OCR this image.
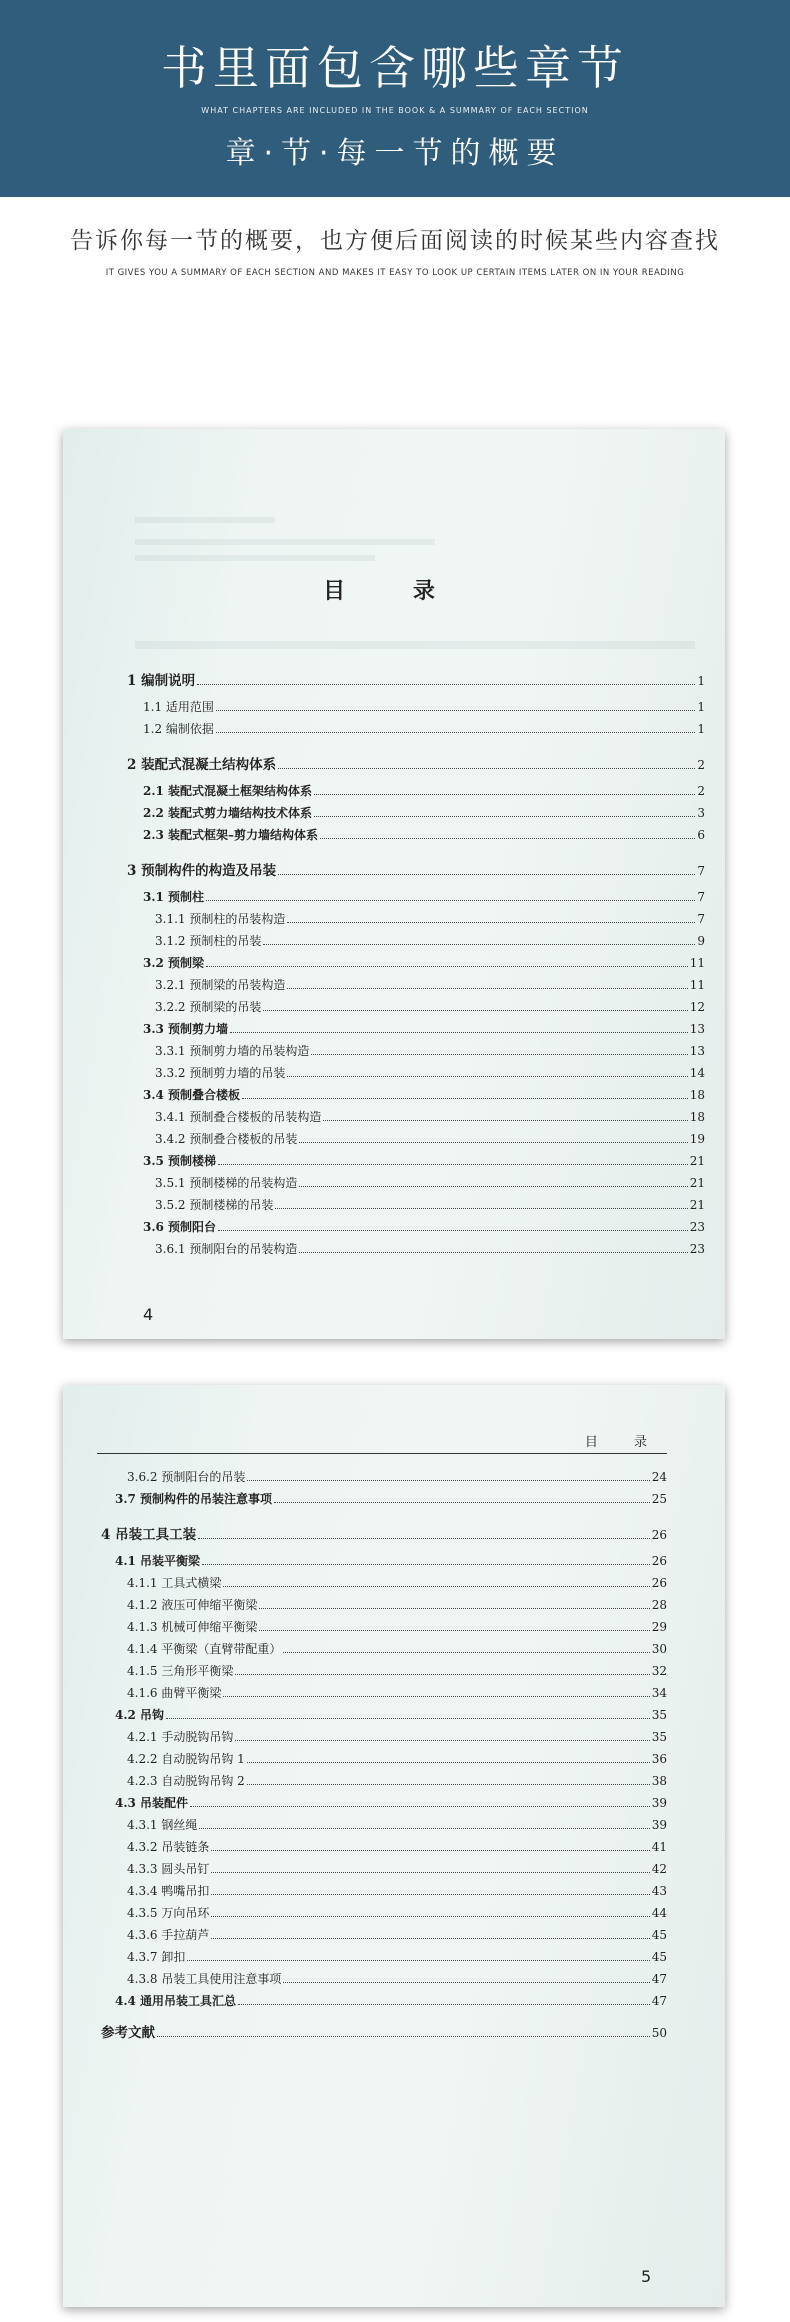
书里面包含哪些章节
WHAT CHAPTERS ARE INCLUDED IN THE BOOK & A SUMMARY OF EACH SECTION
章·节·每一节的概要
告诉你每一节的概要，也方便后面阅读的时候某些内容查找
IT GIVES YOU A SUMMARY OF EACH SECTION AND MAKES IT EASY TO LOOK UP CERTAIN ITEMS LATER ON IN YOUR READING
目 录
1 编制说明	1
1.1 适用范围	1
1.2 编制依据	1
2 装配式混凝土结构体系	2
2.1 装配式混凝土框架结构体系	2
2.2 装配式剪力墙结构技术体系	3
2.3 装配式框架–剪力墙结构体系	6
3 预制构件的构造及吊装	7
3.1 预制柱	7
3.1.1 预制柱的吊装构造	7
3.1.2 预制柱的吊装	9
3.2 预制梁	11
3.2.1 预制梁的吊装构造	11
3.2.2 预制梁的吊装	12
3.3 预制剪力墙	13
3.3.1 预制剪力墙的吊装构造	13
3.3.2 预制剪力墙的吊装	14
3.4 预制叠合楼板	18
3.4.1 预制叠合楼板的吊装构造	18
3.4.2 预制叠合楼板的吊装	19
3.5 预制楼梯	21
3.5.1 预制楼梯的吊装构造	21
3.5.2 预制楼梯的吊装	21
3.6 预制阳台	23
3.6.1 预制阳台的吊装构造	23
4
目 录
3.6.2 预制阳台的吊装	24
3.7 预制构件的吊装注意事项	25
4 吊装工具工装	26
4.1 吊装平衡梁	26
4.1.1 工具式横梁	26
4.1.2 液压可伸缩平衡梁	28
4.1.3 机械可伸缩平衡梁	29
4.1.4 平衡梁（直臂带配重）	30
4.1.5 三角形平衡梁	32
4.1.6 曲臂平衡梁	34
4.2 吊钩	35
4.2.1 手动脱钩吊钩	35
4.2.2 自动脱钩吊钩 1	36
4.2.3 自动脱钩吊钩 2	38
4.3 吊装配件	39
4.3.1 钢丝绳	39
4.3.2 吊装链条	41
4.3.3 圆头吊钉	42
4.3.4 鸭嘴吊扣	43
4.3.5 万向吊环	44
4.3.6 手拉葫芦	45
4.3.7 卸扣	45
4.3.8 吊装工具使用注意事项	47
4.4 通用吊装工具汇总	47
参考文献	50
5
